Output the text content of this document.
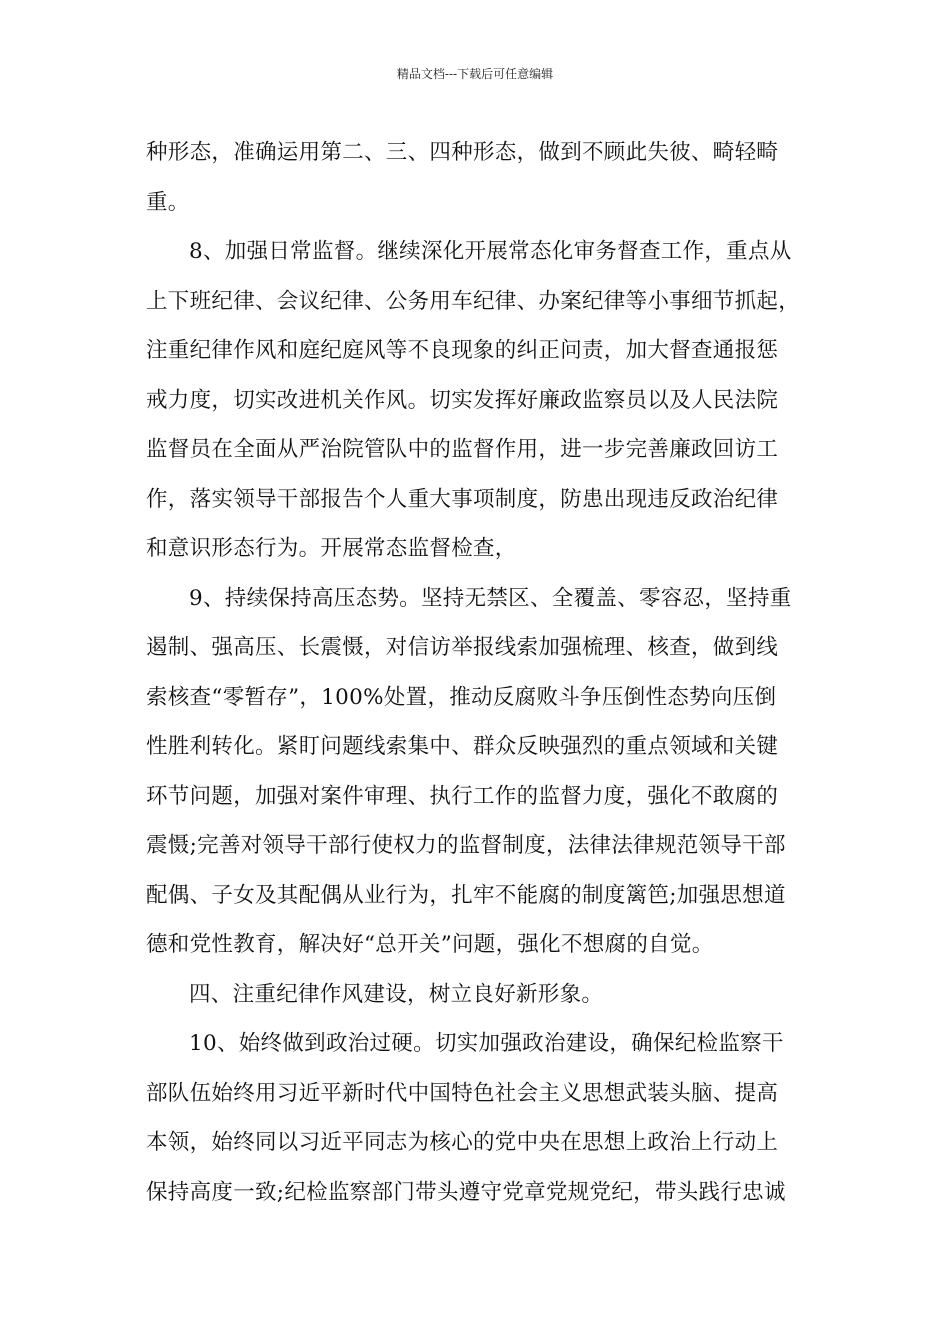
精品文档---下载后可任意编辑
种形态，准确运用第二、三、四种形态，做到不顾此失彼、畸轻畸
重。
8、加强日常监督。继续深化开展常态化审务督查工作，重点从
上下班纪律、会议纪律、公务用车纪律、办案纪律等小事细节抓起，
注重纪律作风和庭纪庭风等不良现象的纠正问责，加大督查通报惩
戒力度，切实改进机关作风。切实发挥好廉政监察员以及人民法院
监督员在全面从严治院管队中的监督作用，进一步完善廉政回访工
作，落实领导干部报告个人重大事项制度，防患出现违反政治纪律
和意识形态行为。开展常态监督检查，
9、持续保持高压态势。坚持无禁区、全覆盖、零容忍，坚持重
遏制、强高压、长震慑，对信访举报线索加强梳理、核查，做到线
索核查“零暂存”，100%处置，推动反腐败斗争压倒性态势向压倒
性胜利转化。紧盯问题线索集中、群众反映强烈的重点领域和关键
环节问题，加强对案件审理、执行工作的监督力度，强化不敢腐的
震慑;完善对领导干部行使权力的监督制度，法律法律规范领导干部
配偶、子女及其配偶从业行为，扎牢不能腐的制度篱笆;加强思想道
德和党性教育，解决好“总开关”问题，强化不想腐的自觉。
四、注重纪律作风建设，树立良好新形象。
10、始终做到政治过硬。切实加强政治建设，确保纪检监察干
部队伍始终用习近平新时代中国特色社会主义思想武装头脑、提高
本领，始终同以习近平同志为核心的党中央在思想上政治上行动上
保持高度一致;纪检监察部门带头遵守党章党规党纪，带头践行忠诚
